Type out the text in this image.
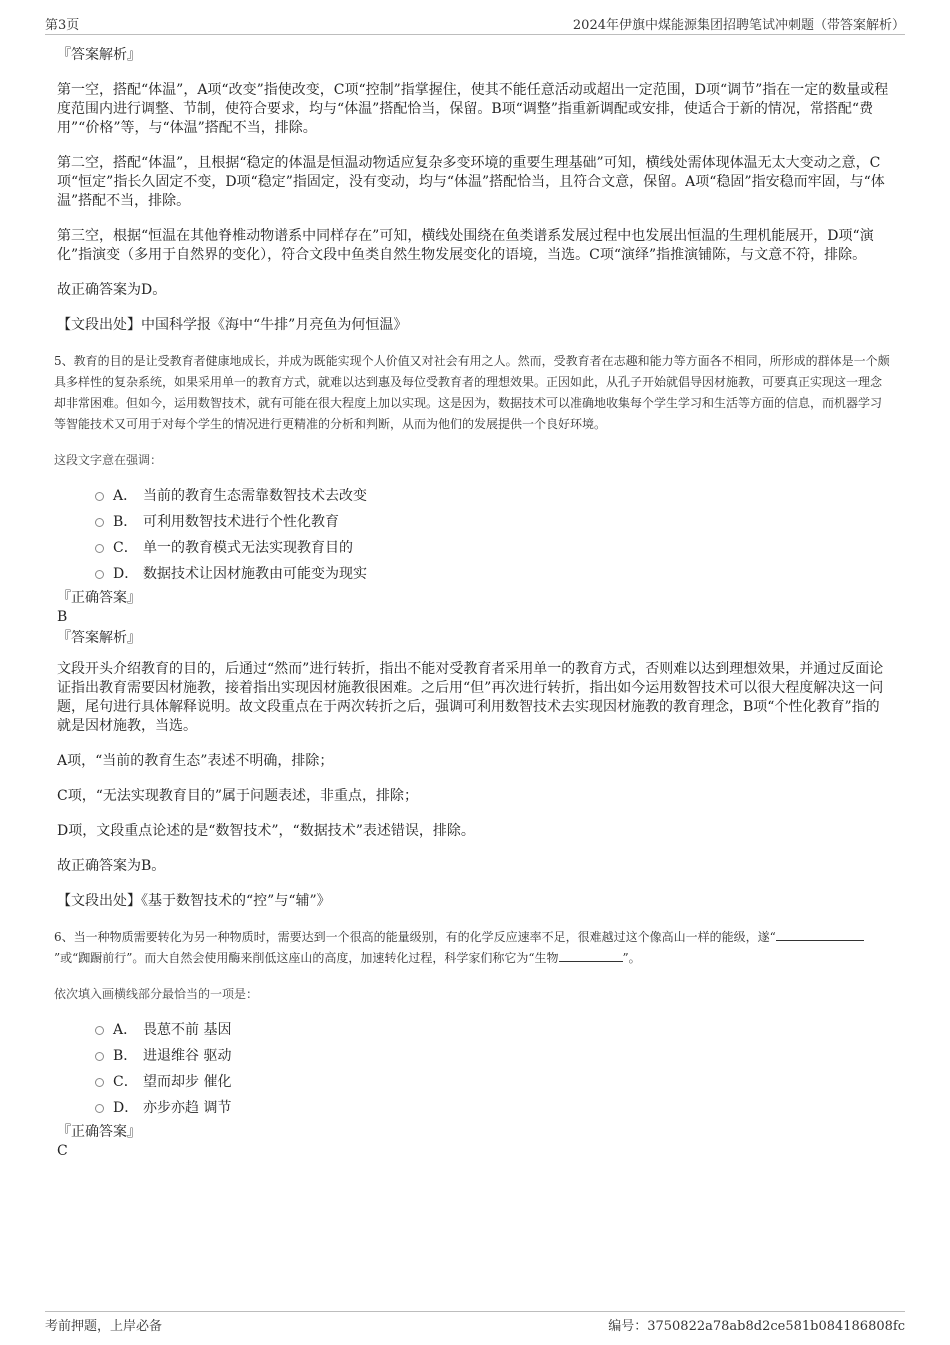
第3页	2024年伊旗中煤能源集团招聘笔试冲刺题（带答案解析）
『答案解析』

第一空，搭配“体温”，A项“改变”指使改变，C项“控制”指掌握住，使其不能任意活动或超出一定范围，D项“调节”指在一定的数量或程度范围内进行调整、节制，使符合要求，均与“体温”搭配恰当，保留。B项“调整”指重新调配或安排，使适合于新的情况，常搭配“费用”“价格”等，与“体温”搭配不当，排除。

第二空，搭配“体温”，且根据“稳定的体温是恒温动物适应复杂多变环境的重要生理基础”可知，横线处需体现体温无太大变动之意，C项“恒定”指长久固定不变，D项“稳定”指固定，没有变动，均与“体温”搭配恰当，且符合文意，保留。A项“稳固”指安稳而牢固，与“体温”搭配不当，排除。

第三空，根据“恒温在其他脊椎动物谱系中同样存在”可知，横线处围绕在鱼类谱系发展过程中也发展出恒温的生理机能展开，D项“演化”指演变（多用于自然界的变化），符合文段中鱼类自然生物发展变化的语境，当选。C项“演绎”指推演铺陈，与文意不符，排除。

故正确答案为D。

【文段出处】中国科学报《海中“牛排”月亮鱼为何恒温》

5、教育的目的是让受教育者健康地成长，并成为既能实现个人价值又对社会有用之人。然而，受教育者在志趣和能力等方面各不相同，所形成的群体是一个颇具多样性的复杂系统，如果采用单一的教育方式，就难以达到惠及每位受教育者的理想效果。正因如此，从孔子开始就倡导因材施教，可要真正实现这一理念却非常困难。但如今，运用数智技术，就有可能在很大程度上加以实现。这是因为，数据技术可以准确地收集每个学生学习和生活等方面的信息，而机器学习等智能技术又可用于对每个学生的情况进行更精准的分析和判断，从而为他们的发展提供一个良好环境。

这段文字意在强调：

A． 当前的教育生态需靠数智技术去改变
B． 可利用数智技术进行个性化教育
C． 单一的教育模式无法实现教育目的
D． 数据技术让因材施教由可能变为现实
『正确答案』
B
『答案解析』

文段开头介绍教育的目的，后通过“然而”进行转折，指出不能对受教育者采用单一的教育方式，否则难以达到理想效果，并通过反面论证指出教育需要因材施教，接着指出实现因材施教很困难。之后用“但”再次进行转折，指出如今运用数智技术可以很大程度解决这一问题，尾句进行具体解释说明。故文段重点在于两次转折之后，强调可利用数智技术去实现因材施教的教育理念，B项“个性化教育”指的就是因材施教，当选。

A项，“当前的教育生态”表述不明确，排除；

C项，“无法实现教育目的”属于问题表述，非重点，排除；

D项，文段重点论述的是“数智技术”，“数据技术”表述错误，排除。

故正确答案为B。

【文段出处】《基于数智技术的“控”与“辅”》

6、当一种物质需要转化为另一种物质时，需要达到一个很高的能量级别，有的化学反应速率不足，很难越过这个像高山一样的能级，遂“”或“踟蹰前行”。而大自然会使用酶来削低这座山的高度，加速转化过程，科学家们称它为“生物	”。

依次填入画横线部分最恰当的一项是：

A． 畏葸不前 基因
B． 进退维谷 驱动
C． 望而却步 催化
D． 亦步亦趋 调节
『正确答案』
C
考前押题，上岸必备	编号：3750822a78ab8d2ce581b084186808fc
